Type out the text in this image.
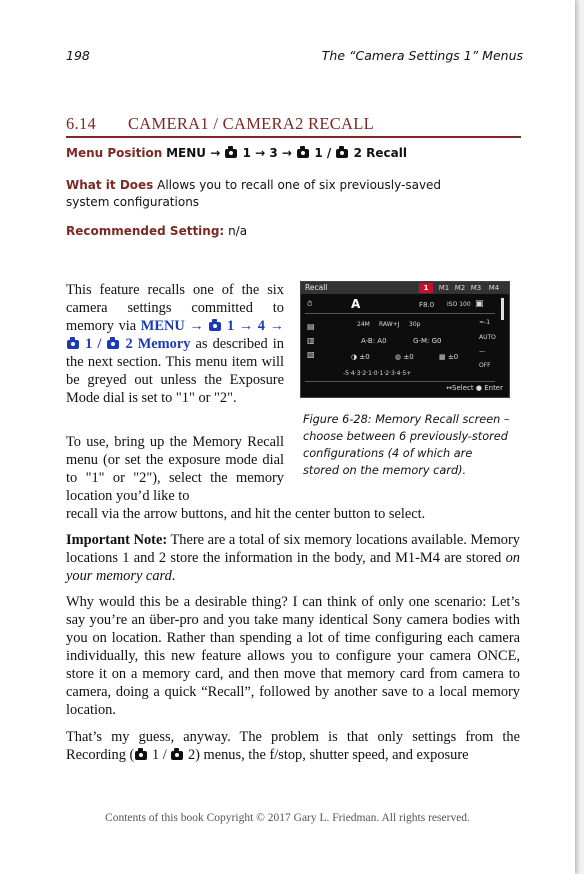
198	The “Camera Settings 1” Menus
6.14 CAMERA1 / CAMERA2 RECALL
Menu Position MENU →  1 → 3 →  1 /  2 Recall
What it Does Allows you to recall one of six previously-saved system configurations
Recommended Setting: n/a
This feature recalls one of the six camera settings committed to memory via MENU →  1 → 4 →  1 /  2 Memory as described in the next section. This menu item will be greyed out unless the Exposure Mode dial is set to "1" or "2".
Recall	1	M1 M2 M3 M4
⏱	A	F8.0 ISO 100 ▣
24M RAW+J 30p
▤
A-B: A0	G-M: G0
▥
◑ ±0	◍ ±0	▦ ±0
▧
-5·4·3·2·1·0·1·2·3·4·5+
≈-1
AUTO
—
OFF
↔Select ● Enter
Figure 6-28: Memory Recall screen – choose between 6 previously-stored configurations (4 of which are stored on the memory card).
To use, bring up the Memory Recall menu (or set the exposure mode dial to "1" or "2"), select the memory location you’d like to
recall via the arrow buttons, and hit the center button to select.
Important Note: There are a total of six memory locations available. Memory locations 1 and 2 store the information in the body, and M1-M4 are stored on your memory card.
Why would this be a desirable thing? I can think of only one scenario: Let’s say you’re an über-pro and you take many identical Sony camera bodies with you on location. Rather than spending a lot of time configuring each camera individually, this new feature allows you to configure your camera ONCE, store it on a memory card, and then move that memory card from camera to camera, doing a quick “Recall”, followed by another save to a local memory location.
That’s my guess, anyway. The problem is that only settings from the Recording ( 1 /  2) menus, the f/stop, shutter speed, and exposure
Contents of this book Copyright © 2017 Gary L. Friedman. All rights reserved.
